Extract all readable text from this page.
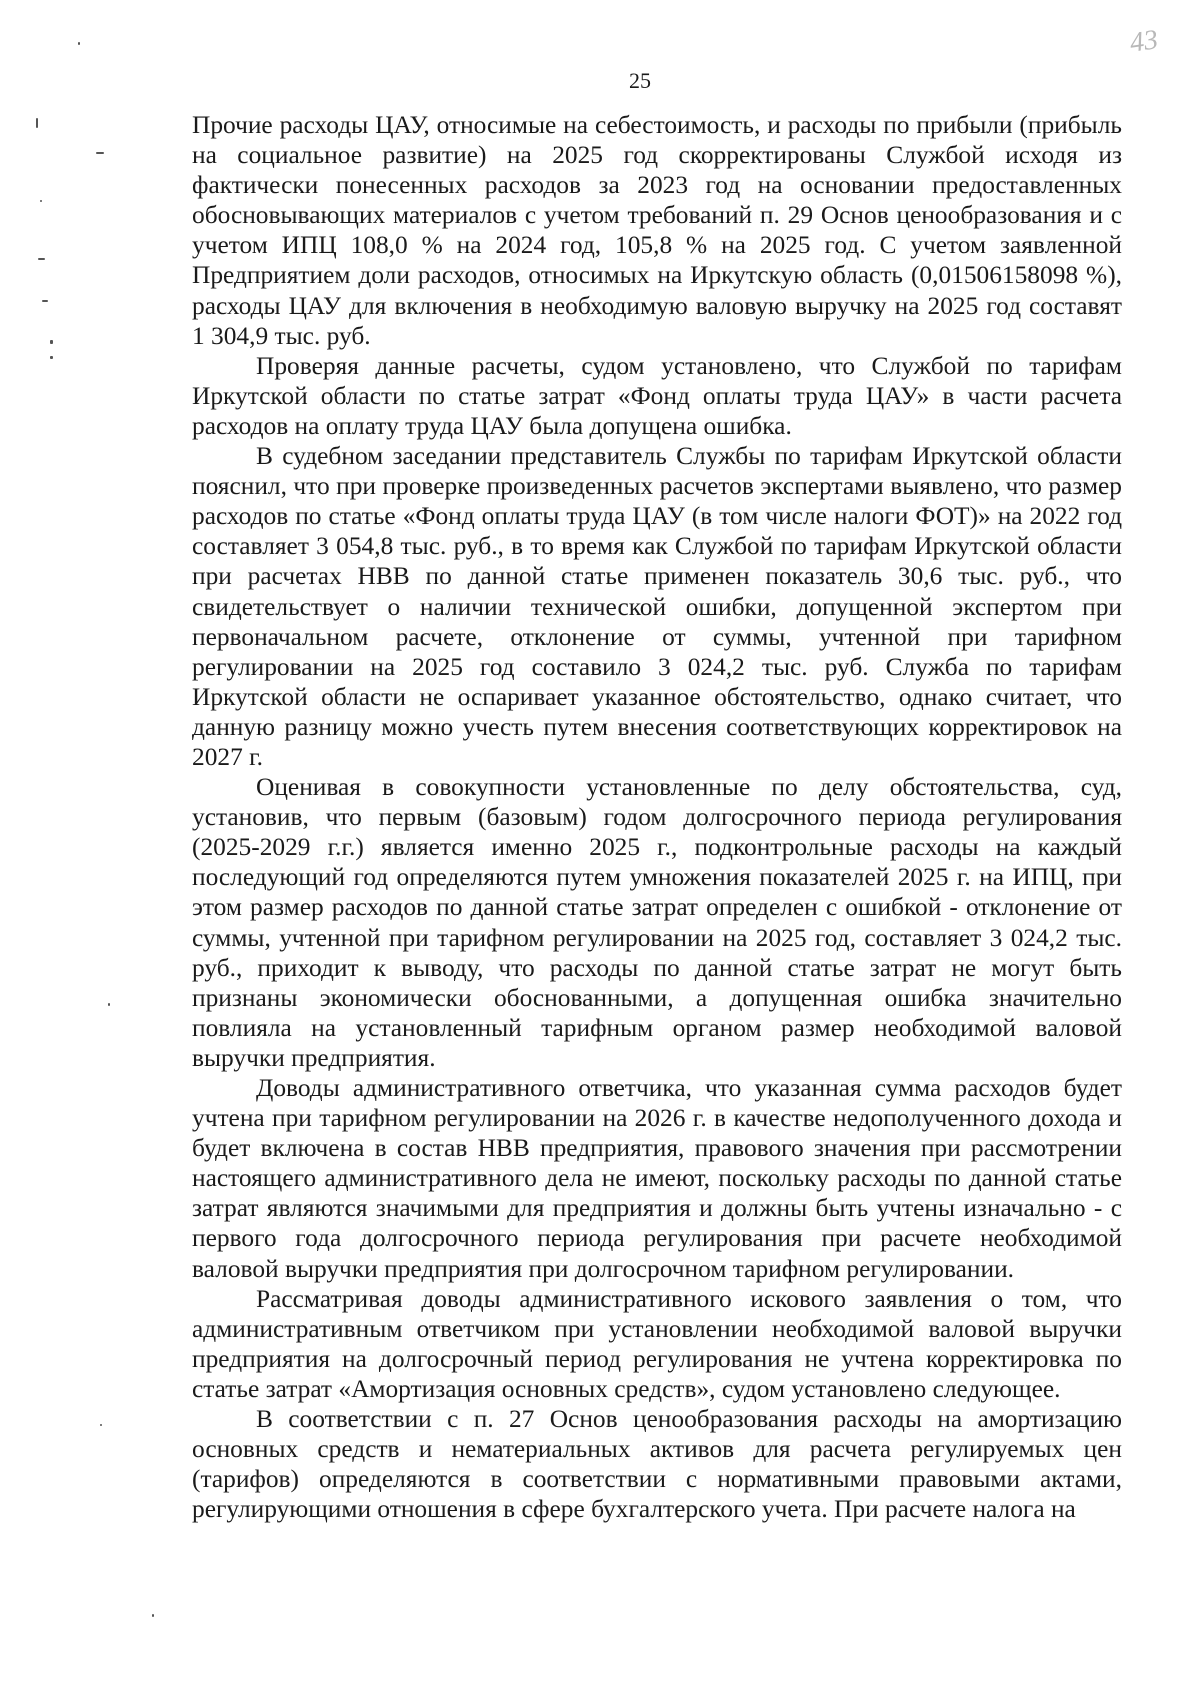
25
43

Прочие расходы ЦАУ, относимые на себестоимость, и расходы по прибыли (прибыль на социальное развитие) на 2025 год скорректированы Службой исходя из фактически понесенных расходов за 2023 год на основании предоставленных обосновывающих материалов с учетом требований п. 29 Основ ценообразования и с учетом ИПЦ 108,0 % на 2024 год, 105,8 % на 2025 год. С учетом заявленной Предприятием доли расходов, относимых на Иркутскую область (0,01506158098 %), расходы ЦАУ для включения в необходимую валовую выручку на 2025 год составят 1 304,9 тыс. руб.

Проверяя данные расчеты, судом установлено, что Службой по тарифам Иркутской области по статье затрат «Фонд оплаты труда ЦАУ» в части расчета расходов на оплату труда ЦАУ была допущена ошибка.

В судебном заседании представитель Службы по тарифам Иркутской области пояснил, что при проверке произведенных расчетов экспертами выявлено, что размер расходов по статье «Фонд оплаты труда ЦАУ (в том числе налоги ФОТ)» на 2022 год составляет 3 054,8 тыс. руб., в то время как Службой по тарифам Иркутской области при расчетах НВВ по данной статье применен показатель 30,6 тыс. руб., что свидетельствует о наличии технической ошибки, допущенной экспертом при первоначальном расчете, отклонение от суммы, учтенной при тарифном регулировании на 2025 год составило 3 024,2 тыс. руб. Служба по тарифам Иркутской области не оспаривает указанное обстоятельство, однако считает, что данную разницу можно учесть путем внесения соответствующих корректировок на 2027 г.

Оценивая в совокупности установленные по делу обстоятельства, суд, установив, что первым (базовым) годом долгосрочного периода регулирования (2025-2029 г.г.) является именно 2025 г., подконтрольные расходы на каждый последующий год определяются путем умножения показателей 2025 г. на ИПЦ, при этом размер расходов по данной статье затрат определен с ошибкой - отклонение от суммы, учтенной при тарифном регулировании на 2025 год, составляет 3 024,2 тыс. руб., приходит к выводу, что расходы по данной статье затрат не могут быть признаны экономически обоснованными, а допущенная ошибка значительно повлияла на установленный тарифным органом размер необходимой валовой выручки предприятия.

Доводы административного ответчика, что указанная сумма расходов будет учтена при тарифном регулировании на 2026 г. в качестве недополученного дохода и будет включена в состав НВВ предприятия, правового значения при рассмотрении настоящего административного дела не имеют, поскольку расходы по данной статье затрат являются значимыми для предприятия и должны быть учтены изначально - с первого года долгосрочного периода регулирования при расчете необходимой валовой выручки предприятия при долгосрочном тарифном регулировании.

Рассматривая доводы административного искового заявления о том, что административным ответчиком при установлении необходимой валовой выручки предприятия на долгосрочный период регулирования не учтена корректировка по статье затрат «Амортизация основных средств», судом установлено следующее.

В соответствии с п. 27 Основ ценообразования расходы на амортизацию основных средств и нематериальных активов для расчета регулируемых цен (тарифов) определяются в соответствии с нормативными правовыми актами, регулирующими отношения в сфере бухгалтерского учета. При расчете налога на
